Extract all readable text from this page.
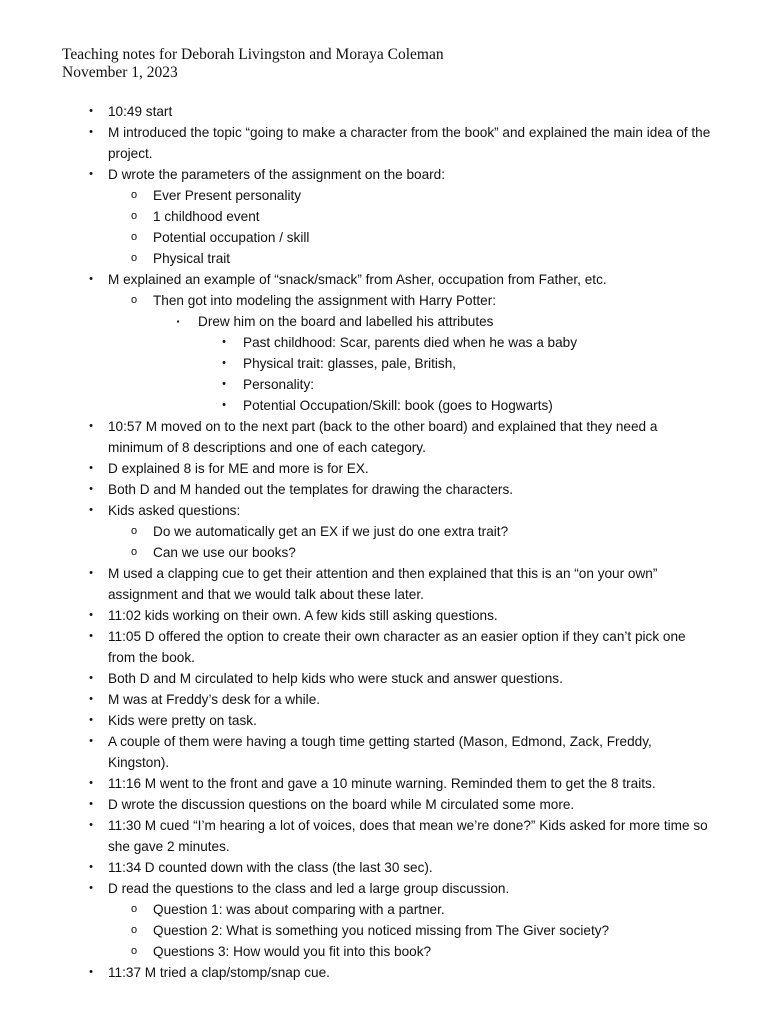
Teaching notes for Deborah Livingston and Moraya Coleman
November 1, 2023
•	10:49 start
•	M introduced the topic “going to make a character from the book” and explained the main idea of the project.
•	D wrote the parameters of the assignment on the board:
o Ever Present personality
o 1 childhood event
o Potential occupation / skill
o Physical trait
•	M explained an example of “snack/smack” from Asher, occupation from Father, etc.
o Then got into modeling the assignment with Harry Potter:
▪	Drew him on the board and labelled his attributes
•	Past childhood: Scar, parents died when he was a baby
•	Physical trait: glasses, pale, British,
•	Personality:
•	Potential Occupation/Skill: book (goes to Hogwarts)
•	10:57 M moved on to the next part (back to the other board) and explained that they need a minimum of 8 descriptions and one of each category.
•	D explained 8 is for ME and more is for EX.
•	Both D and M handed out the templates for drawing the characters.
•	Kids asked questions:
o Do we automatically get an EX if we just do one extra trait?
o Can we use our books?
•	M used a clapping cue to get their attention and then explained that this is an “on your own” assignment and that we would talk about these later.
•	11:02 kids working on their own. A few kids still asking questions.
•	11:05 D offered the option to create their own character as an easier option if they can’t pick one from the book.
•	Both D and M circulated to help kids who were stuck and answer questions.
•	M was at Freddy’s desk for a while.
•	Kids were pretty on task.
•	A couple of them were having a tough time getting started (Mason, Edmond, Zack, Freddy, Kingston).
•	11:16 M went to the front and gave a 10 minute warning. Reminded them to get the 8 traits.
•	D wrote the discussion questions on the board while M circulated some more.
•	11:30 M cued “I’m hearing a lot of voices, does that mean we’re done?” Kids asked for more time so she gave 2 minutes.
•	11:34 D counted down with the class (the last 30 sec).
•	D read the questions to the class and led a large group discussion.
o Question 1: was about comparing with a partner.
o Question 2: What is something you noticed missing from The Giver society?
o Questions 3: How would you fit into this book?
•	11:37 M tried a clap/stomp/snap cue.
